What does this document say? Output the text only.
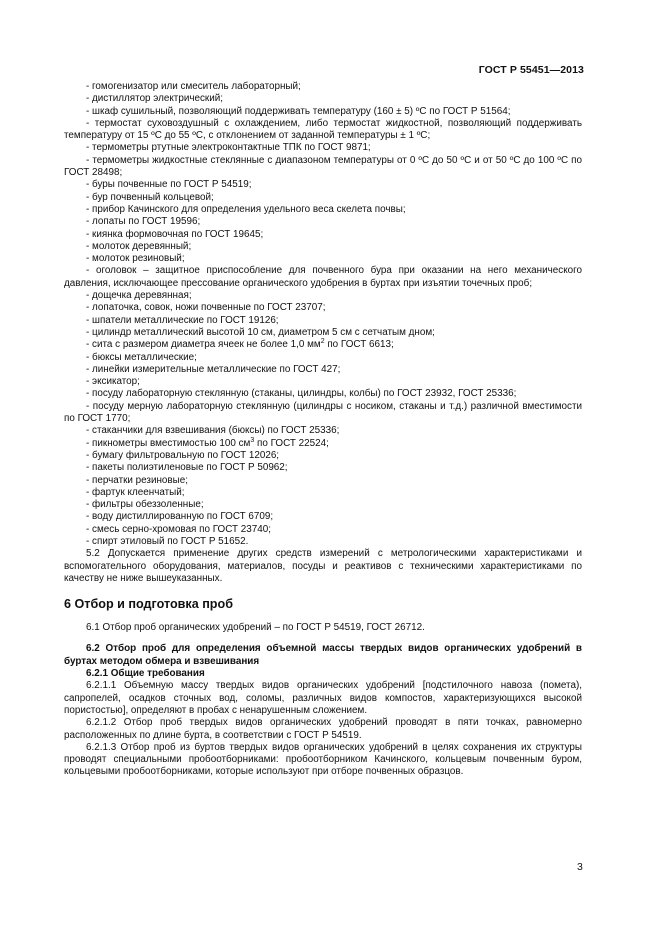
ГОСТ Р 55451—2013

- гомогенизатор или смеситель лабораторный;

- дистиллятор электрический;

- шкаф сушильный, позволяющий поддерживать температуру (160 ± 5) ºС по ГОСТ Р 51564;

- термостат суховоздушный с охлаждением, либо термостат жидкостной, позволяющий поддерживать температуру от 15 ºС до 55 ºС, с отклонением от заданной температуры ± 1 ºС;

- термометры ртутные электроконтактные ТПК по ГОСТ 9871;

- термометры жидкостные стеклянные с диапазоном температуры от 0 ºС до 50 ºС и от 50 ºС до 100 ºС по ГОСТ 28498;

- буры почвенные по ГОСТ Р 54519;

- бур почвенный кольцевой;

- прибор Качинского для определения удельного веса скелета почвы;

- лопаты по ГОСТ 19596;

- киянка формовочная по ГОСТ 19645;

- молоток деревянный;

- молоток резиновый;

- оголовок – защитное приспособление для почвенного бура при оказании на него механического давления, исключающее прессование органического удобрения в буртах при изъятии точечных проб;

- дощечка деревянная;

- лопаточка, совок, ножи почвенные по ГОСТ 23707;

- шпатели металлические по ГОСТ 19126;

- цилиндр металлический высотой 10 см, диаметром 5 см с сетчатым дном;

- сита с размером диаметра ячеек не более 1,0 $мм^2$ по ГОСТ 6613;

- бюксы металлические;

- линейки измерительные металлические по ГОСТ 427;

- эксикатор;

- посуду лабораторную стеклянную (стаканы, цилиндры, колбы) по ГОСТ 23932, ГОСТ 25336;

- посуду мерную лабораторную стеклянную (цилиндры с носиком, стаканы и т.д.) различной вместимости по ГОСТ 1770;

- стаканчики для взвешивания (бюксы) по ГОСТ 25336;

- пикнометры вместимостью 100 $см^3$ по ГОСТ 22524;

- бумагу фильтровальную по ГОСТ 12026;

- пакеты полиэтиленовые по ГОСТ Р 50962;

- перчатки резиновые;

- фартук клеенчатый;

- фильтры обеззоленные;

- воду дистиллированную по ГОСТ 6709;

- смесь серно-хромовая по ГОСТ 23740;

- спирт этиловый по ГОСТ Р 51652.

5.2 Допускается применение других средств измерений с метрологическими характеристиками и вспомогательного оборудования, материалов, посуды и реактивов с техническими характеристиками по качеству не ниже вышеуказанных.

6 Отбор и подготовка проб

6.1 Отбор проб органических удобрений – по ГОСТ Р 54519, ГОСТ 26712.

6.2 Отбор проб для определения объемной массы твердых видов органических удобрений в буртах методом обмера и взвешивания

6.2.1 Общие требования

6.2.1.1 Объемную массу твердых видов органических удобрений [подстилочного навоза (помета), сапропелей, осадков сточных вод, соломы, различных видов компостов, характеризующихся высокой пористостью], определяют в пробах с ненарушенным сложением.

6.2.1.2 Отбор проб твердых видов органических удобрений проводят в пяти точках, равномерно расположенных по длине бурта, в соответствии с ГОСТ Р 54519.

6.2.1.3 Отбор проб из буртов твердых видов органических удобрений в целях сохранения их структуры проводят специальными пробоотборниками: пробоотборником Качинского, кольцевым почвенным буром, кольцевыми пробоотборниками, которые используют при отборе почвенных образцов.

3
